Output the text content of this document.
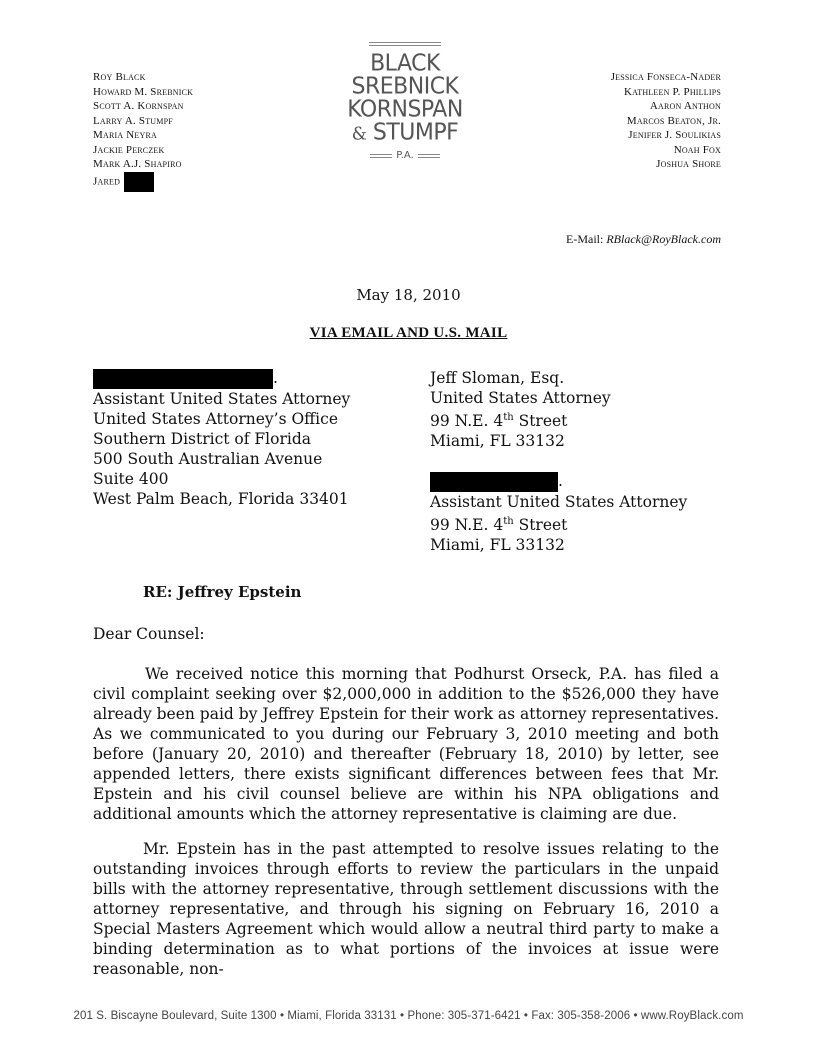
Roy Black
Howard M. Srebnick
Scott A. Kornspan
Larry A. Stumpf
Maria Neyra
Jackie Perczek
Mark A.J. Shapiro
Jared
BLACK
SREBNICK
KORNSPAN
& STUMPF
P.A.
Jessica Fonseca-Nader
Kathleen P. Phillips
Aaron Anthon
Marcos Beaton, Jr.
Jenifer J. Soulikias
Noah Fox
Joshua Shore
E-Mail: RBlack@RoyBlack.com
May 18, 2010
VIA EMAIL AND U.S. MAIL
.
Assistant United States Attorney
United States Attorney’s Office
Southern District of Florida
500 South Australian Avenue
Suite 400
West Palm Beach, Florida 33401
Jeff Sloman, Esq.
United States Attorney
99 N.E. 4th Street
Miami, FL 33132
.
Assistant United States Attorney
99 N.E. 4th Street
Miami, FL 33132
RE: Jeffrey Epstein
Dear Counsel:
We received notice this morning that Podhurst Orseck, P.A. has filed a civil complaint seeking over $2,000,000 in addition to the $526,000 they have already been paid by Jeffrey Epstein for their work as attorney representatives. As we communicated to you during our February 3, 2010 meeting and both before (January 20, 2010) and thereafter (February 18, 2010) by letter, see appended letters, there exists significant differences between fees that Mr. Epstein and his civil counsel believe are within his NPA obligations and additional amounts which the attorney representative is claiming are due.
Mr. Epstein has in the past attempted to resolve issues relating to the outstanding invoices through efforts to review the particulars in the unpaid bills with the attorney representative, through settlement discussions with the attorney representative, and through his signing on February 16, 2010 a Special Masters Agreement which would allow a neutral third party to make a binding determination as to what portions of the invoices at issue were reasonable, non-
201 S. Biscayne Boulevard, Suite 1300 • Miami, Florida 33131 • Phone: 305-371-6421 • Fax: 305-358-2006 • www.RoyBlack.com
